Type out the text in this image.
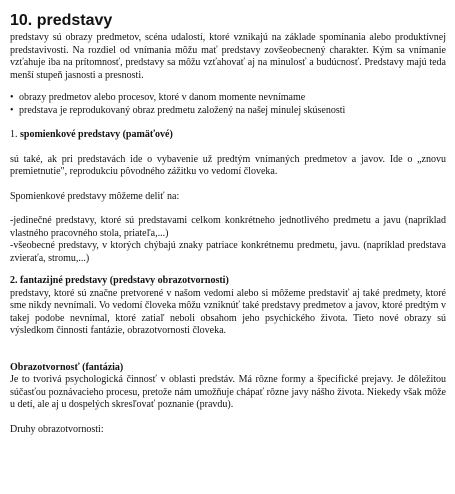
10. predstavy

predstavy sú obrazy predmetov, scéna udalostí, ktoré vznikajú na základe spomínania alebo produktívnej predstavivosti. Na rozdiel od vnímania môžu mať predstavy zovšeobecnený charakter. Kým sa vnímanie vzťahuje iba na prítomnosť, predstavy sa môžu vzťahovať aj na minulosť a budúcnosť. Predstavy majú teda menší stupeň jasnosti a presnosti.

• obrazy predmetov alebo procesov, ktoré v danom momente nevnímame
• predstava je reprodukovaný obraz predmetu založený na našej minulej skúsenosti

1. spomienkové predstavy (pamäťové)

sú také, ak pri predstavách ide o vybavenie už predtým vnímaných predmetov a javov. Ide o „znovu premietnutie", reprodukciu pôvodného zážitku vo vedomí človeka.

Spomienkové predstavy môžeme deliť na:

-jedinečné predstavy, ktoré sú predstavami celkom konkrétneho jednotlivého predmetu a javu (napríklad vlastného pracovného stola, priateľa,...)

-všeobecné predstavy, v ktorých chýbajú znaky patriace konkrétnemu predmetu, javu. (napríklad predstava zvieraťa, stromu,...)

2. fantazijné predstavy (predstavy obrazotvornosti)

predstavy, ktoré sú značne pretvorené v našom vedomí alebo si môžeme predstaviť aj také predmety, ktoré sme nikdy nevnímali. Vo vedomí človeka môžu vzniknúť také predstavy predmetov a javov, ktoré predtým v takej podobe nevnímal, ktoré zatiaľ neboli obsahom jeho psychického života. Tieto nové obrazy sú výsledkom činnosti fantázie, obrazotvornosti človeka.

Obrazotvornosť (fantázia)

Je to tvorivá psychologická činnosť v oblasti predstáv. Má rôzne formy a špecifické prejavy. Je dôležitou súčasťou poznávacieho procesu, pretože nám umožňuje chápať rôzne javy nášho života. Niekedy však môže u detí, ale aj u dospelých skresľovať poznanie (pravdu).

Druhy obrazotvornosti:
